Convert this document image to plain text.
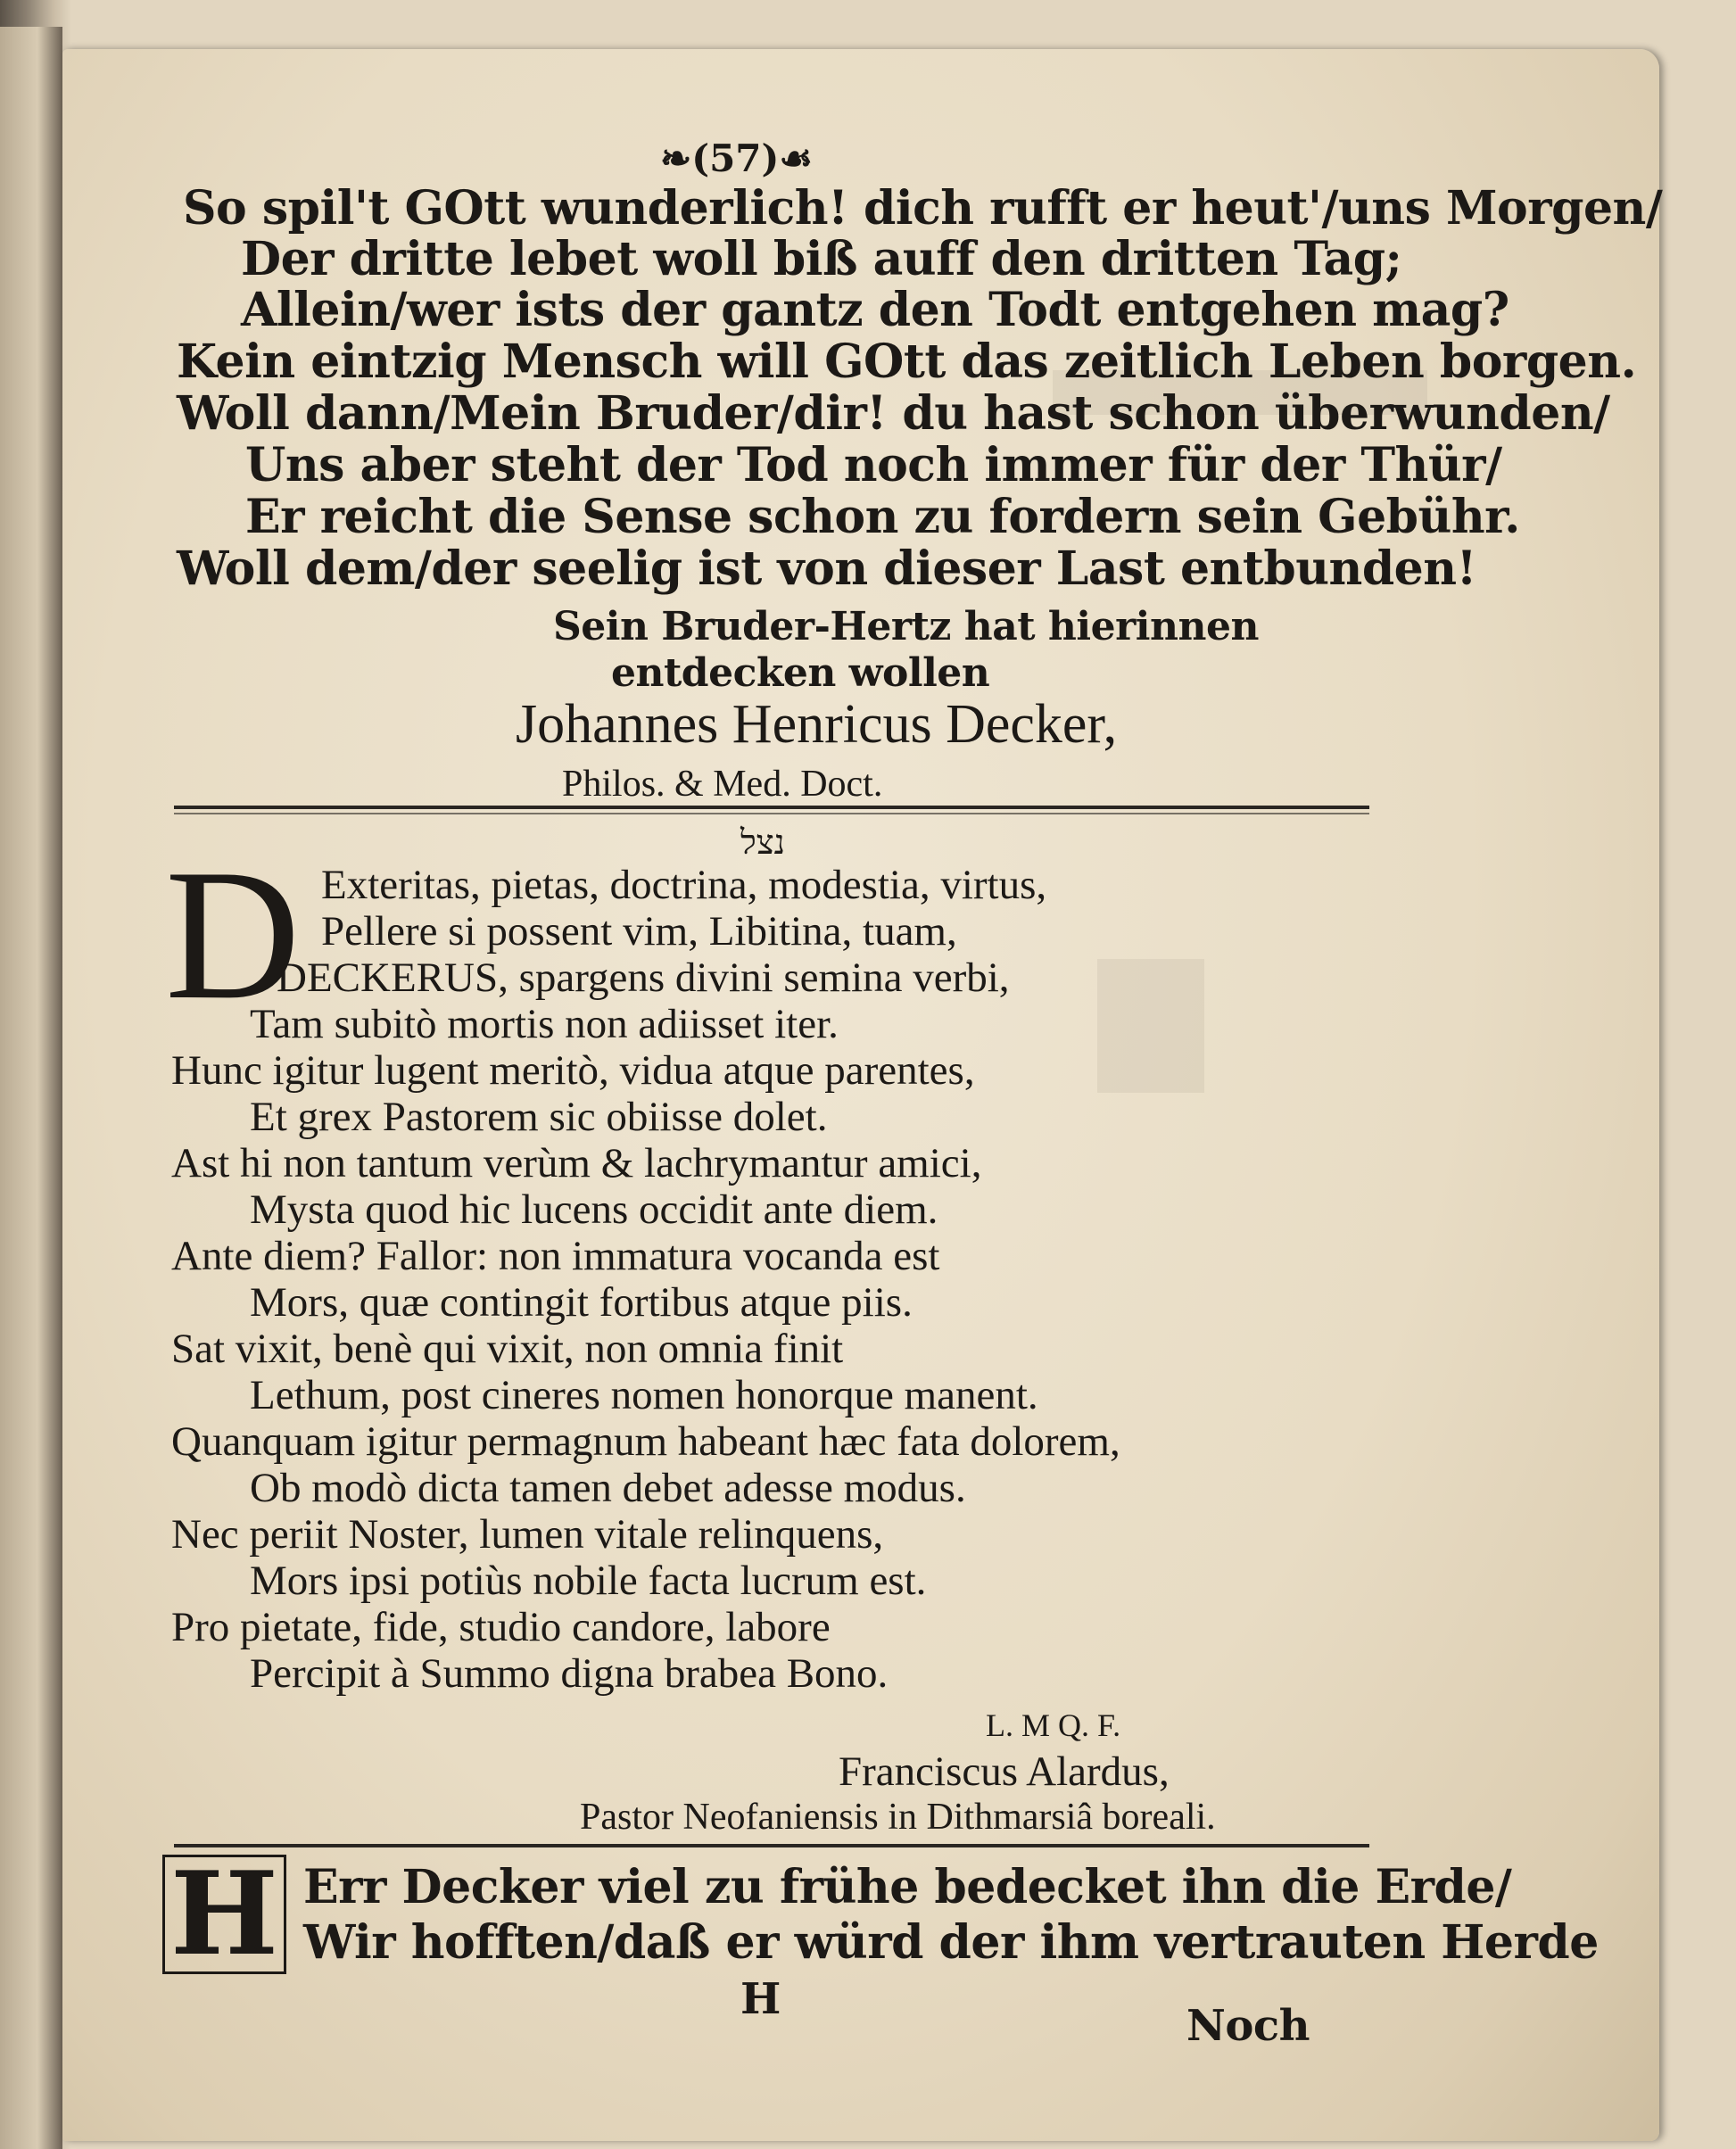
❧(57)☙
So spil't GOtt wunderlich! dich rufft er heut'/uns Morgen/
Der dritte lebet woll biß auff den dritten Tag;
Allein/wer ists der gantz den Todt entgehen mag?
Kein eintzig Mensch will GOtt das zeitlich Leben borgen.
Woll dann/Mein Bruder/dir! du hast schon überwunden/
Uns aber steht der Tod noch immer für der Thür/
Er reicht die Sense schon zu fordern sein Gebühr.
Woll dem/der seelig ist von dieser Last entbunden!
Sein Bruder-Hertz hat hierinnen
entdecken wollen
Johannes Henricus Decker,
Philos. & Med. Doct.
נצל
D Exteritas, pietas, doctrina, modestia, virtus,
Pellere si possent vim, Libitina, tuam,
DECKERUS, spargens divini semina verbi,
Tam subitò mortis non adiisset iter.
Hunc igitur lugent meritò, vidua atque parentes,
Et grex Pastorem sic obiisse dolet.
Ast hi non tantum verùm & lachrymantur amici,
Mysta quod hic lucens occidit ante diem.
Ante diem? Fallor: non immatura vocanda est
Mors, quæ contingit fortibus atque piis.
Sat vixit, benè qui vixit, non omnia finit
Lethum, post cineres nomen honorque manent.
Quanquam igitur permagnum habeant hæc fata dolorem,
Ob modò dicta tamen debet adesse modus.
Nec periit Noster, lumen vitale relinquens,
Mors ipsi potiùs nobile facta lucrum est.
Pro pietate, fide, studio candore, labore
Percipit à Summo digna brabea Bono.
L. M Q. F.
Franciscus Alardus,
Pastor Neofaniensis in Dithmarsiâ boreali.
H Err Decker viel zu frühe bedecket ihn die Erde/
Wir hofften/daß er würd der ihm vertrauten Herde
H
Noch
